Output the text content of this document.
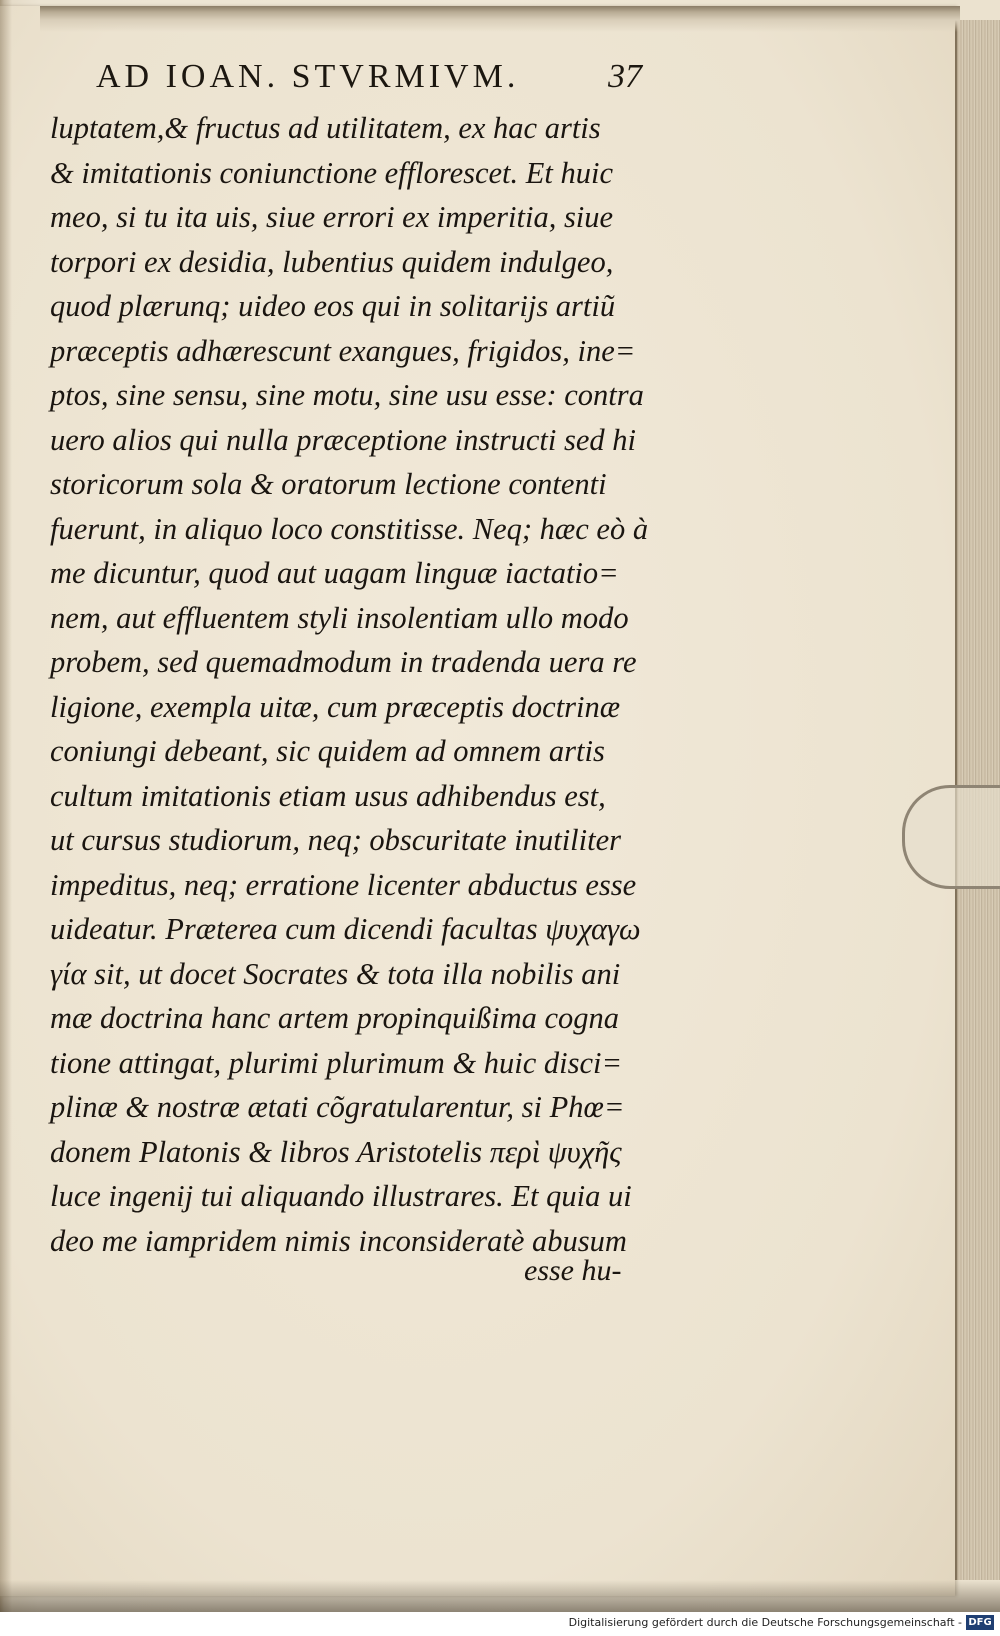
AD IOAN. STVRMIVM.	37
luptatem,& fructus ad utilitatem, ex hac artis
& imitationis coniunctione efflorescet. Et huic
meo, si tu ita uis, siue errori ex imperitia, siue
torpori ex desidia, lubentius quidem indulgeo,
quod plærunq; uideo eos qui in solitarijs artiũ
præceptis adhærescunt exangues, frigidos, ine=
ptos, sine sensu, sine motu, sine usu esse: contra
uero alios qui nulla præceptione instructi sed hi
storicorum sola & oratorum lectione contenti
fuerunt, in aliquo loco constitisse. Neq; hæc eò à
me dicuntur, quod aut uagam linguæ iactatio=
nem, aut effluentem styli insolentiam ullo modo
probem, sed quemadmodum in tradenda uera re
ligione, exempla uitæ, cum præceptis doctrinæ
coniungi debeant, sic quidem ad omnem artis
cultum imitationis etiam usus adhibendus est,
ut cursus studiorum, neq; obscuritate inutiliter
impeditus, neq; erratione licenter abductus esse
uideatur. Præterea cum dicendi facultas ψυχαγω
γία sit, ut docet Socrates & tota illa nobilis ani
mæ doctrina hanc artem propinquißima cogna
tione attingat, plurimi plurimum & huic disci=
plinæ & nostræ ætati cõgratularentur, si Phœ=
donem Platonis & libros Aristotelis περὶ ψυχῆς
luce ingenij tui aliquando illustrares. Et quia ui
deo me iampridem nimis inconsideratè abusum
esse hu-
Digitalisierung gefördert durch die Deutsche Forschungsgemeinschaft - DFG
